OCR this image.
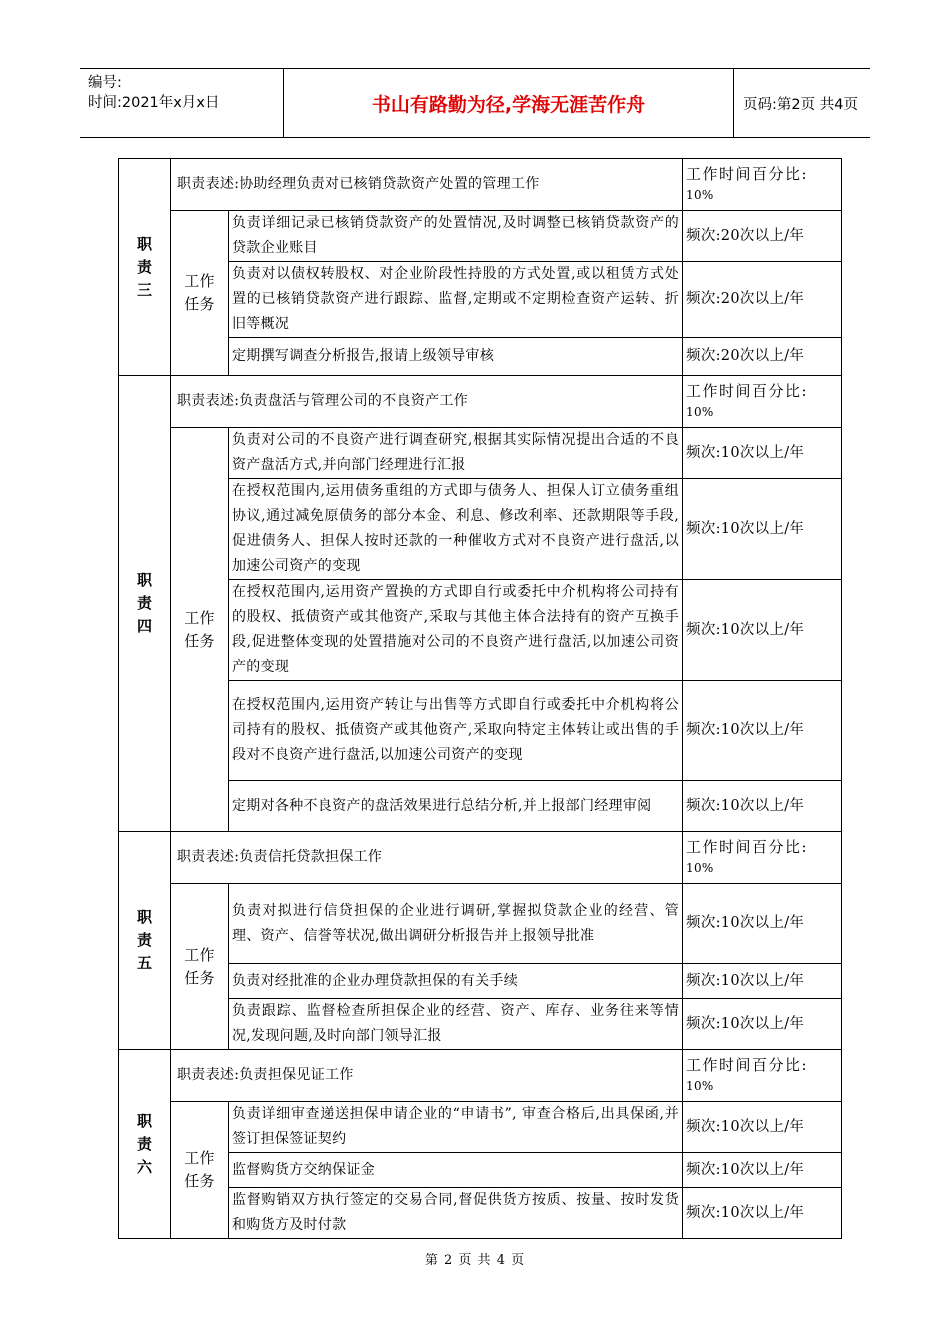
编号:
时间:2021年x月x日	书山有路勤为径,学海无涯苦作舟	页码:第2页 共4页
职
责
三	职责表述:协助经理负责对已核销贷款资产处置的管理工作		工作时间百分比:
10%

	工作
任务	负责详细记录已核销贷款资产的处置情况,及时调整已核销贷款资产的贷款企业账目	频次:20次以上/年
		负责对以债权转股权、对企业阶段性持股的方式处置,或以租赁方式处置的已核销贷款资产进行跟踪、监督,定期或不定期检查资产运转、折旧等概况	频次:20次以上/年
		定期撰写调查分析报告,报请上级领导审核	频次:20次以上/年

职
责
四	职责表述:负责盘活与管理公司的不良资产工作		工作时间百分比:
10%

	工作
任务	负责对公司的不良资产进行调查研究,根据其实际情况提出合适的不良资产盘活方式,并向部门经理进行汇报	频次:10次以上/年
		在授权范围内,运用债务重组的方式即与债务人、担保人订立债务重组协议,通过减免原债务的部分本金、利息、修改利率、还款期限等手段,促进债务人、担保人按时还款的一种催收方式对不良资产进行盘活,以加速公司资产的变现	频次:10次以上/年
		在授权范围内,运用资产置换的方式即自行或委托中介机构将公司持有的股权、抵债资产或其他资产,采取与其他主体合法持有的资产互换手段,促进整体变现的处置措施对公司的不良资产进行盘活,以加速公司资产的变现	频次:10次以上/年
		在授权范围内,运用资产转让与出售等方式即自行或委托中介机构将公司持有的股权、抵债资产或其他资产,采取向特定主体转让或出售的手段对不良资产进行盘活,以加速公司资产的变现	频次:10次以上/年
		定期对各种不良资产的盘活效果进行总结分析,并上报部门经理审阅	频次:10次以上/年

职
责
五	职责表述:负责信托贷款担保工作		工作时间百分比:
10%

	工作
任务	负责对拟进行信贷担保的企业进行调研,掌握拟贷款企业的经营、管理、资产、信誉等状况,做出调研分析报告并上报领导批准	频次:10次以上/年
		负责对经批准的企业办理贷款担保的有关手续	频次:10次以上/年
		负责跟踪、监督检查所担保企业的经营、资产、库存、业务往来等情况,发现问题,及时向部门领导汇报	频次:10次以上/年

职
责
六	职责表述:负责担保见证工作		工作时间百分比:
10%

	工作
任务	负责详细审查递送担保申请企业的“申请书”, 审查合格后,出具保函,并签订担保签证契约	频次:10次以上/年
		监督购货方交纳保证金	频次:10次以上/年
		监督购销双方执行签定的交易合同,督促供货方按质、按量、按时发货和购货方及时付款	频次:10次以上/年
第 2 页 共 4 页
